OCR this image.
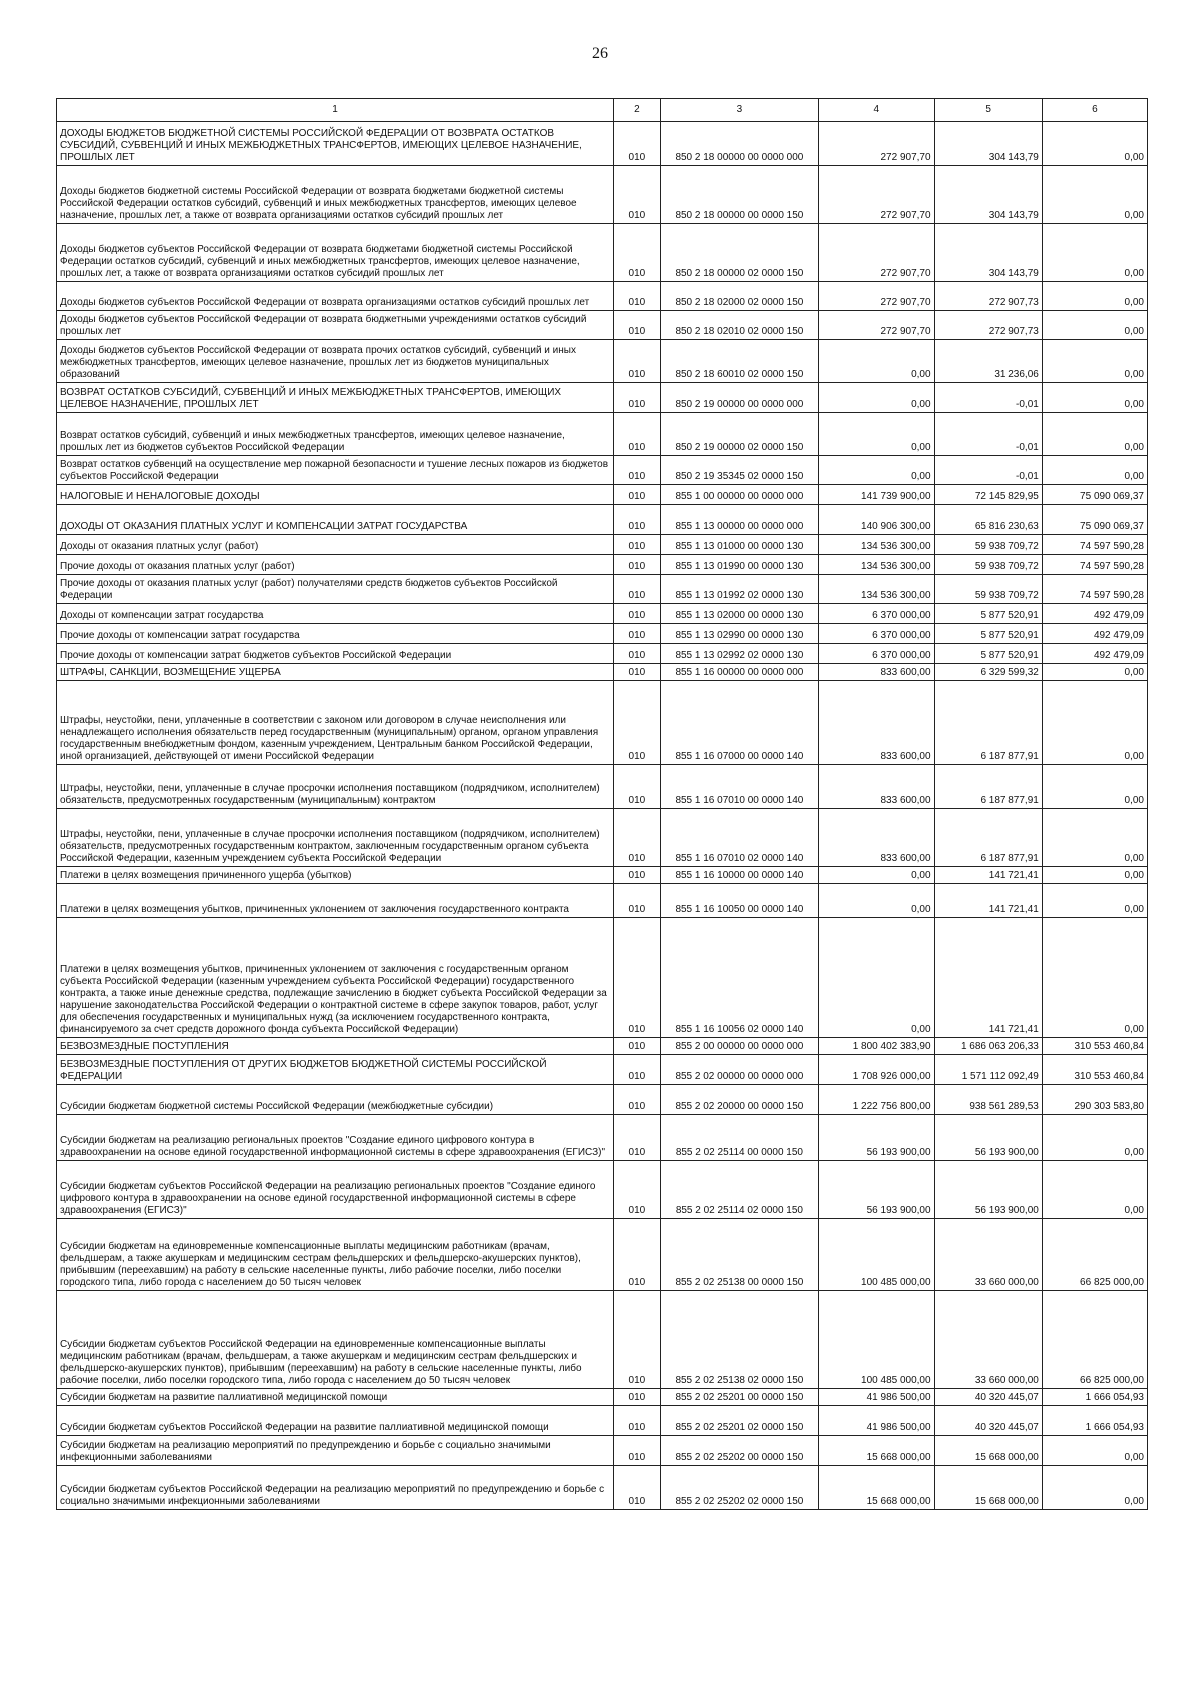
26
1	2	3	4	5	6
ДОХОДЫ БЮДЖЕТОВ БЮДЖЕТНОЙ СИСТЕМЫ РОССИЙСКОЙ ФЕДЕРАЦИИ ОТ ВОЗВРАТА ОСТАТКОВ СУБСИДИЙ, СУБВЕНЦИЙ И ИНЫХ МЕЖБЮДЖЕТНЫХ ТРАНСФЕРТОВ, ИМЕЮЩИХ ЦЕЛЕВОЕ НАЗНАЧЕНИЕ, ПРОШЛЫХ ЛЕТ	010	850 2 18 00000 00 0000 000	272 907,70	304 143,79	0,00
Доходы бюджетов бюджетной системы Российской Федерации от возврата бюджетами бюджетной системы Российской Федерации остатков субсидий, субвенций и иных межбюджетных трансфертов, имеющих целевое назначение, прошлых лет, а также от возврата организациями остатков субсидий прошлых лет	010	850 2 18 00000 00 0000 150	272 907,70	304 143,79	0,00
Доходы бюджетов субъектов Российской Федерации от возврата бюджетами бюджетной системы Российской Федерации остатков субсидий, субвенций и иных межбюджетных трансфертов, имеющих целевое назначение, прошлых лет, а также от возврата организациями остатков субсидий прошлых лет	010	850 2 18 00000 02 0000 150	272 907,70	304 143,79	0,00
Доходы бюджетов субъектов Российской Федерации от возврата организациями остатков субсидий прошлых лет	010	850 2 18 02000 02 0000 150	272 907,70	272 907,73	0,00
Доходы бюджетов субъектов Российской Федерации от возврата бюджетными учреждениями остатков субсидий прошлых лет	010	850 2 18 02010 02 0000 150	272 907,70	272 907,73	0,00
Доходы бюджетов субъектов Российской Федерации от возврата прочих остатков субсидий, субвенций и иных межбюджетных трансфертов, имеющих целевое назначение, прошлых лет из бюджетов муниципальных образований	010	850 2 18 60010 02 0000 150	0,00	31 236,06	0,00
ВОЗВРАТ ОСТАТКОВ СУБСИДИЙ, СУБВЕНЦИЙ И ИНЫХ МЕЖБЮДЖЕТНЫХ ТРАНСФЕРТОВ, ИМЕЮЩИХ ЦЕЛЕВОЕ НАЗНАЧЕНИЕ, ПРОШЛЫХ ЛЕТ	010	850 2 19 00000 00 0000 000	0,00	-0,01	0,00
Возврат остатков субсидий, субвенций и иных межбюджетных трансфертов, имеющих целевое назначение, прошлых лет из бюджетов субъектов Российской Федерации	010	850 2 19 00000 02 0000 150	0,00	-0,01	0,00
Возврат остатков субвенций на осуществление мер пожарной безопасности и тушение лесных пожаров из бюджетов субъектов Российской Федерации	010	850 2 19 35345 02 0000 150	0,00	-0,01	0,00
НАЛОГОВЫЕ И НЕНАЛОГОВЫЕ ДОХОДЫ	010	855 1 00 00000 00 0000 000	141 739 900,00	72 145 829,95	75 090 069,37
ДОХОДЫ ОТ ОКАЗАНИЯ ПЛАТНЫХ УСЛУГ И КОМПЕНСАЦИИ ЗАТРАТ ГОСУДАРСТВА	010	855 1 13 00000 00 0000 000	140 906 300,00	65 816 230,63	75 090 069,37
Доходы от оказания платных услуг (работ)	010	855 1 13 01000 00 0000 130	134 536 300,00	59 938 709,72	74 597 590,28
Прочие доходы от оказания платных услуг (работ)	010	855 1 13 01990 00 0000 130	134 536 300,00	59 938 709,72	74 597 590,28
Прочие доходы от оказания платных услуг (работ) получателями средств бюджетов субъектов Российской Федерации	010	855 1 13 01992 02 0000 130	134 536 300,00	59 938 709,72	74 597 590,28
Доходы от компенсации затрат государства	010	855 1 13 02000 00 0000 130	6 370 000,00	5 877 520,91	492 479,09
Прочие доходы от компенсации затрат государства	010	855 1 13 02990 00 0000 130	6 370 000,00	5 877 520,91	492 479,09
Прочие доходы от компенсации затрат бюджетов субъектов Российской Федерации	010	855 1 13 02992 02 0000 130	6 370 000,00	5 877 520,91	492 479,09
ШТРАФЫ, САНКЦИИ, ВОЗМЕЩЕНИЕ УЩЕРБА	010	855 1 16 00000 00 0000 000	833 600,00	6 329 599,32	0,00
Штрафы, неустойки, пени, уплаченные в соответствии с законом или договором в случае неисполнения или ненадлежащего исполнения обязательств перед государственным (муниципальным) органом, органом управления государственным внебюджетным фондом, казенным учреждением, Центральным банком Российской Федерации, иной организацией, действующей от имени Российской Федерации	010	855 1 16 07000 00 0000 140	833 600,00	6 187 877,91	0,00
Штрафы, неустойки, пени, уплаченные в случае просрочки исполнения поставщиком (подрядчиком, исполнителем) обязательств, предусмотренных государственным (муниципальным) контрактом	010	855 1 16 07010 00 0000 140	833 600,00	6 187 877,91	0,00
Штрафы, неустойки, пени, уплаченные в случае просрочки исполнения поставщиком (подрядчиком, исполнителем) обязательств, предусмотренных государственным контрактом, заключенным государственным органом субъекта Российской Федерации, казенным учреждением субъекта Российской Федерации	010	855 1 16 07010 02 0000 140	833 600,00	6 187 877,91	0,00
Платежи в целях возмещения причиненного ущерба (убытков)	010	855 1 16 10000 00 0000 140	0,00	141 721,41	0,00
Платежи в целях возмещения убытков, причиненных уклонением от заключения государственного контракта	010	855 1 16 10050 00 0000 140	0,00	141 721,41	0,00
Платежи в целях возмещения убытков, причиненных уклонением от заключения с государственным органом субъекта Российской Федерации (казенным учреждением субъекта Российской Федерации) государственного контракта, а также иные денежные средства, подлежащие зачислению в бюджет субъекта Российской Федерации за нарушение законодательства Российской Федерации о контрактной системе в сфере закупок товаров, работ, услуг для обеспечения государственных и муниципальных нужд (за исключением государственного контракта, финансируемого за счет средств дорожного фонда субъекта Российской Федерации)	010	855 1 16 10056 02 0000 140	0,00	141 721,41	0,00
БЕЗВОЗМЕЗДНЫЕ ПОСТУПЛЕНИЯ	010	855 2 00 00000 00 0000 000	1 800 402 383,90	1 686 063 206,33	310 553 460,84
БЕЗВОЗМЕЗДНЫЕ ПОСТУПЛЕНИЯ ОТ ДРУГИХ БЮДЖЕТОВ БЮДЖЕТНОЙ СИСТЕМЫ РОССИЙСКОЙ ФЕДЕРАЦИИ	010	855 2 02 00000 00 0000 000	1 708 926 000,00	1 571 112 092,49	310 553 460,84
Субсидии бюджетам бюджетной системы Российской Федерации (межбюджетные субсидии)	010	855 2 02 20000 00 0000 150	1 222 756 800,00	938 561 289,53	290 303 583,80
Субсидии бюджетам на реализацию региональных проектов "Создание единого цифрового контура в здравоохранении на основе единой государственной информационной системы в сфере здравоохранения (ЕГИСЗ)"	010	855 2 02 25114 00 0000 150	56 193 900,00	56 193 900,00	0,00
Субсидии бюджетам субъектов Российской Федерации на реализацию региональных проектов "Создание единого цифрового контура в здравоохранении на основе единой государственной информационной системы в сфере здравоохранения (ЕГИСЗ)"	010	855 2 02 25114 02 0000 150	56 193 900,00	56 193 900,00	0,00
Субсидии бюджетам на единовременные компенсационные выплаты медицинским работникам (врачам, фельдшерам, а также акушеркам и медицинским сестрам фельдшерских и фельдшерско-акушерских пунктов), прибывшим (переехавшим) на работу в сельские населенные пункты, либо рабочие поселки, либо поселки городского типа, либо города с населением до 50 тысяч человек	010	855 2 02 25138 00 0000 150	100 485 000,00	33 660 000,00	66 825 000,00
Субсидии бюджетам субъектов Российской Федерации на единовременные компенсационные выплаты медицинским работникам (врачам, фельдшерам, а также акушеркам и медицинским сестрам фельдшерских и фельдшерско-акушерских пунктов), прибывшим (переехавшим) на работу в сельские населенные пункты, либо рабочие поселки, либо поселки городского типа, либо города с населением до 50 тысяч человек	010	855 2 02 25138 02 0000 150	100 485 000,00	33 660 000,00	66 825 000,00
Субсидии бюджетам на развитие паллиативной медицинской помощи	010	855 2 02 25201 00 0000 150	41 986 500,00	40 320 445,07	1 666 054,93
Субсидии бюджетам субъектов Российской Федерации на развитие паллиативной медицинской помощи	010	855 2 02 25201 02 0000 150	41 986 500,00	40 320 445,07	1 666 054,93
Субсидии бюджетам на реализацию мероприятий по предупреждению и борьбе с социально значимыми инфекционными заболеваниями	010	855 2 02 25202 00 0000 150	15 668 000,00	15 668 000,00	0,00
Субсидии бюджетам субъектов Российской Федерации на реализацию мероприятий по предупреждению и борьбе с социально значимыми инфекционными заболеваниями	010	855 2 02 25202 02 0000 150	15 668 000,00	15 668 000,00	0,00
